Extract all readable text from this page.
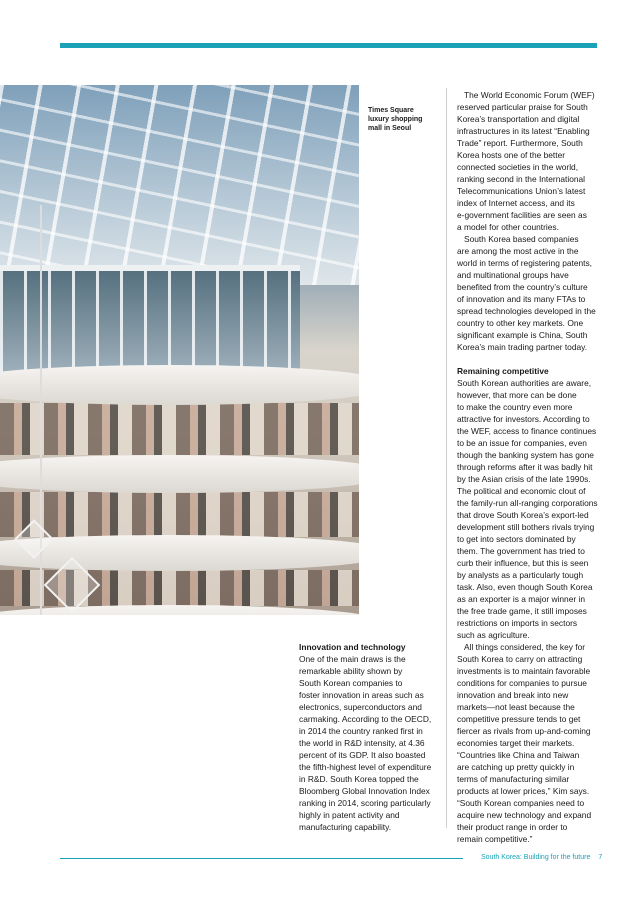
Times Square
luxury shopping
mall in Seoul
Innovation and technology
One of the main draws is the
remarkable ability shown by
South Korean companies to
foster innovation in areas such as
electronics, superconductors and
carmaking. According to the OECD,
in 2014 the country ranked first in
the world in R&D intensity, at 4.36
percent of its GDP. It also boasted
the fifth-highest level of expenditure
in R&D. South Korea topped the
Bloomberg Global Innovation Index
ranking in 2014, scoring particularly
highly in patent activity and
manufacturing capability.
The World Economic Forum (WEF)
reserved particular praise for South
Korea’s transportation and digital
infrastructures in its latest “Enabling
Trade” report. Furthermore, South
Korea hosts one of the better
connected societies in the world,
ranking second in the International
Telecommunications Union’s latest
index of Internet access, and its
e-government facilities are seen as
a model for other countries.
South Korea based companies
are among the most active in the
world in terms of registering patents,
and multinational groups have
benefited from the country’s culture
of innovation and its many FTAs to
spread technologies developed in the
country to other key markets. One
significant example is China, South
Korea’s main trading partner today.
Remaining competitive
South Korean authorities are aware,
however, that more can be done
to make the country even more
attractive for investors. According to
the WEF, access to finance continues
to be an issue for companies, even
though the banking system has gone
through reforms after it was badly hit
by the Asian crisis of the late 1990s.
The political and economic clout of
the family-run all-ranging corporations
that drove South Korea’s export-led
development still bothers rivals trying
to get into sectors dominated by
them. The government has tried to
curb their influence, but this is seen
by analysts as a particularly tough
task. Also, even though South Korea
as an exporter is a major winner in
the free trade game, it still imposes
restrictions on imports in sectors
such as agriculture.
All things considered, the key for
South Korea to carry on attracting
investments is to maintain favorable
conditions for companies to pursue
innovation and break into new
markets—not least because the
competitive pressure tends to get
fiercer as rivals from up-and-coming
economies target their markets.
“Countries like China and Taiwan
are catching up pretty quickly in
terms of manufacturing similar
products at lower prices,” Kim says.
“South Korean companies need to
acquire new technology and expand
their product range in order to
remain competitive.”
South Korea: Building for the future 7
